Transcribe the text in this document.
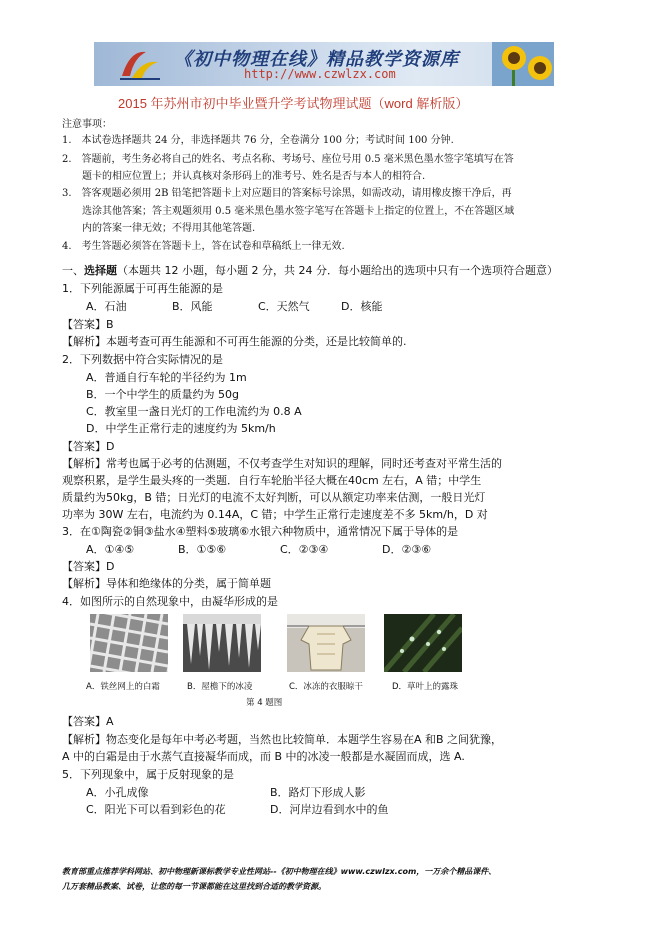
《初中物理在线》精品教学资源库
http://www.czwlzx.com
2015 年苏州市初中毕业暨升学考试物理试题（word 解析版）
注意事项：
1.　本试卷选择题共 24 分，非选择题共 76 分，全卷满分 100 分；考试时间 100 分钟.
2.　答题前，考生务必将自己的姓名、考点名称、考场号、座位号用 0.5 毫米黑色墨水签字笔填写在答
题卡的相应位置上；并认真核对条形码上的准考号、姓名是否与本人的相符合.
3.　答客观题必须用 2B 铅笔把答题卡上对应题目的答案标号涂黑，如需改动，请用橡皮擦干净后，再
选涂其他答案；答主观题须用 0.5 毫米黑色墨水签字笔写在答题卡上指定的位置上，不在答题区域
内的答案一律无效；不得用其他笔答题.
4.　考生答题必须答在答题卡上，答在试卷和草稿纸上一律无效.
一、选择题（本题共 12 小题，每小题 2 分，共 24 分．每小题给出的选项中只有一个选项符合题意）
1．下列能源属于可再生能源的是
A．石油	B．风能	C．天然气	D．核能
【答案】B
【解析】本题考查可再生能源和不可再生能源的分类，还是比较简单的.
2．下列数据中符合实际情况的是
A．普通自行车轮的半径约为 1m
B．一个中学生的质量约为 50g
C．教室里一盏日光灯的工作电流约为 0.8 A
D．中学生正常行走的速度约为 5km/h
【答案】D
【解析】常考也属于必考的估测题，不仅考查学生对知识的理解，同时还考查对平常生活的
观察积累，是学生最头疼的一类题．自行车轮胎半径大概在40cm 左右，A 错；中学生
质量约为50kg，B 错；日光灯的电流不太好判断，可以从额定功率来估测，一般日光灯
功率为 30W 左右，电流约为 0.14A，C 错；中学生正常行走速度差不多 5km/h，D 对
3．在①陶瓷②铜③盐水④塑料⑤玻璃⑥水银六种物质中，通常情况下属于导体的是
A．①④⑤	B．①⑤⑥	C．②③④	D．②③⑥
【答案】D
【解析】导体和绝缘体的分类，属于简单题
4．如图所示的自然现象中，由凝华形成的是
A．铁丝网上的白霜	B．屋檐下的冰凌	C．冰冻的衣服晾干	D．草叶上的露珠
第 4 题图
【答案】A
【解析】物态变化是每年中考必考题，当然也比较简单．本题学生容易在A 和B 之间犹豫，
A 中的白霜是由于水蒸气直接凝华而成，而 B 中的冰凌一般都是水凝固而成，选 A.
5．下列现象中，属于反射现象的是
A．小孔成像	B．路灯下形成人影
C．阳光下可以看到彩色的花	D．河岸边看到水中的鱼
教育部重点推荐学科网站、初中物理新课标教学专业性网站--《初中物理在线》www.czwlzx.com，一万余个精品课件、
几万套精品教案、试卷，让您的每一节课都能在这里找到合适的教学资源。
